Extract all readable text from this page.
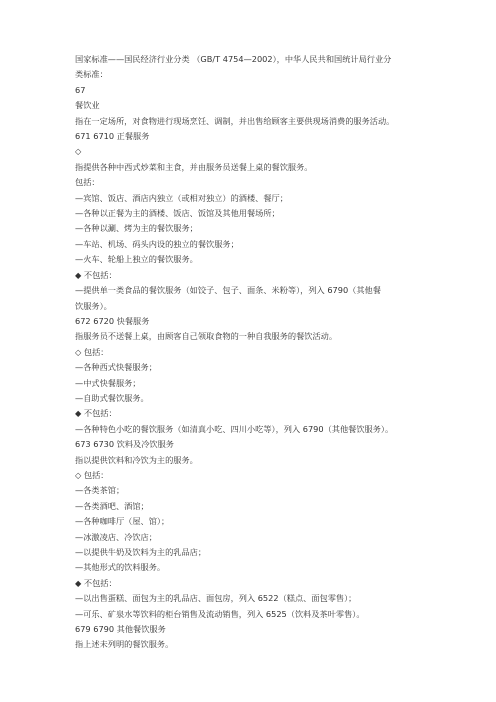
国家标准——国民经济行业分类 （GB/T 4754—2002），中华人民共和国统计局行业分
类标准：
67
餐饮业
指在一定场所，对食物进行现场烹饪、调制，并出售给顾客主要供现场消费的服务活动。
671 6710 正餐服务
◇
指提供各种中西式炒菜和主食，并由服务员送餐上桌的餐饮服务。
包括：
—宾馆、饭店、酒店内独立（或相对独立）的酒楼、餐厅；
—各种以正餐为主的酒楼、饭店、饭馆及其他用餐场所；
—各种以涮、烤为主的餐饮服务；
—车站、机场、码头内设的独立的餐饮服务；
—火车、轮船上独立的餐饮服务。
◆ 不包括：
—提供单一类食品的餐饮服务（如饺子、包子、面条、米粉等），列入 6790（其他餐
饮服务）。
672 6720 快餐服务
指服务员不送餐上桌，由顾客自己领取食物的一种自我服务的餐饮活动。
◇ 包括：
—各种西式快餐服务；
—中式快餐服务；
—自助式餐饮服务。
◆ 不包括：
—各种特色小吃的餐饮服务（如清真小吃、四川小吃等），列入 6790（其他餐饮服务）。
673 6730 饮料及冷饮服务
指以提供饮料和冷饮为主的服务。
◇ 包括：
—各类茶馆；
—各类酒吧、酒馆；
—各种咖啡厅（屋、馆）；
—冰激凌店、冷饮店；
—以提供牛奶及饮料为主的乳品店；
—其他形式的饮料服务。
◆ 不包括：
—以出售蛋糕、面包为主的乳品店、面包房，列入 6522（糕点、面包零售）；
—可乐、矿泉水等饮料的柜台销售及流动销售，列入 6525（饮料及茶叶零售）。
679 6790 其他餐饮服务
指上述未列明的餐饮服务。
